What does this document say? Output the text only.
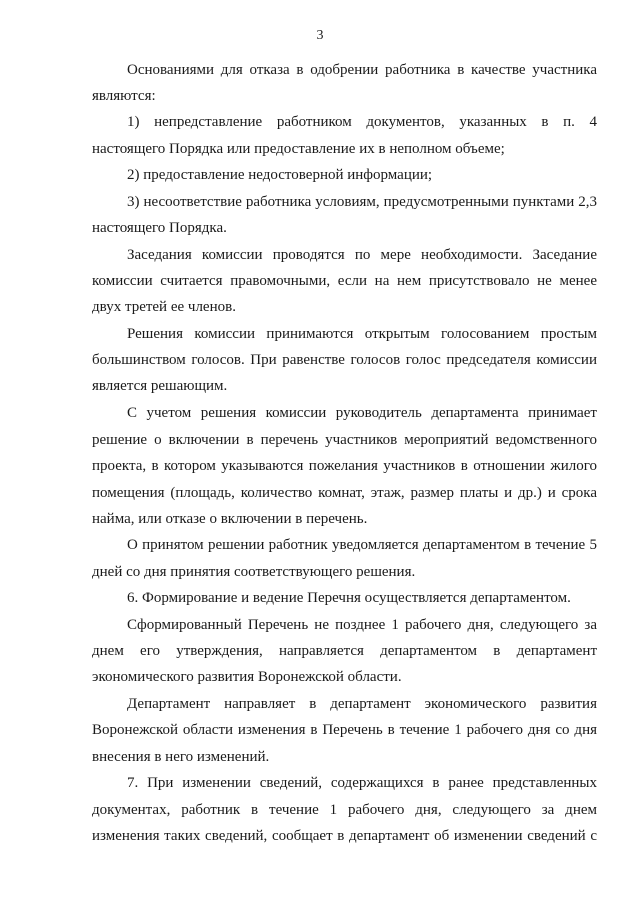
3
Основаниями для отказа в одобрении работника в качестве участника
являются:
1) непредставление работником документов, указанных в п. 4
настоящего Порядка или предоставление их в неполном объеме;
2) предоставление недостоверной информации;
3) несоответствие работника условиям, предусмотренными пунктами 2,3
настоящего Порядка.
Заседания комиссии проводятся по мере необходимости. Заседание
комиссии считается правомочными, если на нем присутствовало не менее
двух третей ее членов.
Решения комиссии принимаются открытым голосованием простым
большинством голосов. При равенстве голосов голос председателя комиссии
является решающим.
С учетом решения комиссии руководитель департамента принимает
решение о включении в перечень участников мероприятий ведомственного
проекта, в котором указываются пожелания участников в отношении жилого
помещения (площадь, количество комнат, этаж, размер платы и др.) и срока
найма, или отказе о включении в перечень.
О принятом решении работник уведомляется департаментом в течение 5
дней со дня принятия соответствующего решения.
6. Формирование и ведение Перечня осуществляется департаментом.
Сформированный Перечень не позднее 1 рабочего дня, следующего за
днем его утверждения, направляется департаментом в департамент
экономического развития Воронежской области.
Департамент направляет в департамент экономического развития
Воронежской области изменения в Перечень в течение 1 рабочего дня со дня
внесения в него изменений.
7. При изменении сведений, содержащихся в ранее представленных
документах, работник в течение 1 рабочего дня, следующего за днем
изменения таких сведений, сообщает в департамент об изменении сведений с
